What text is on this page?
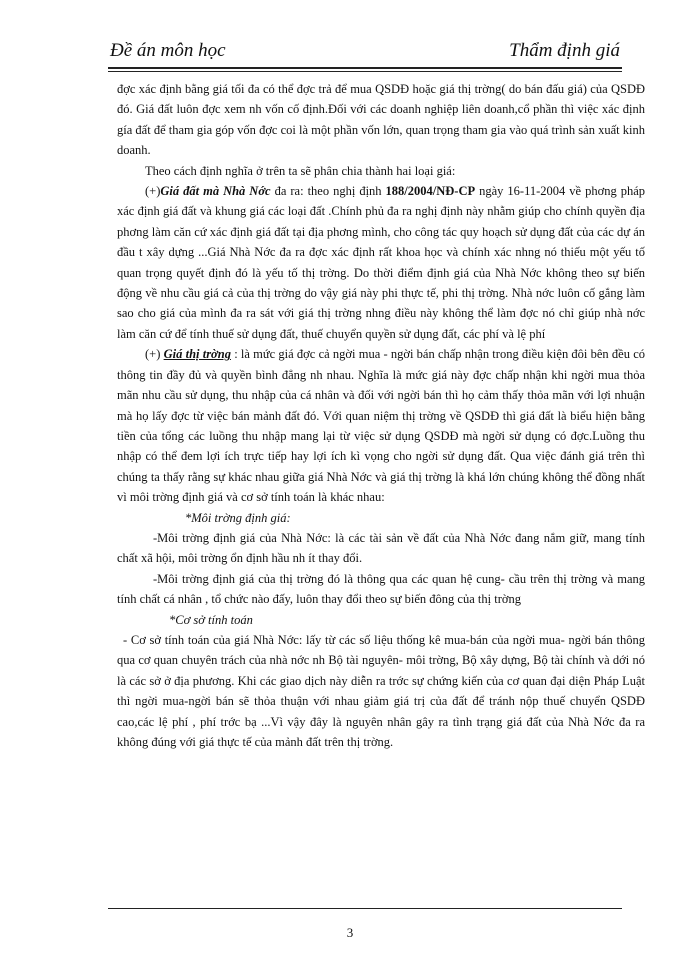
Đề án môn học	Thẩm định giá

đợc xác định bằng giá tối đa có thể đợc trả để mua QSDĐ hoặc giá thị trờng( do bán đấu giá) của QSDĐ đó. Giá đất luôn đợc xem nh vốn cố định.Đối với các doanh nghiệp liên doanh,cổ phần thì việc xác định gía đất để tham gia góp vốn đợc coi là một phần vốn lớn, quan trọng tham gia vào quá trình sản xuất kinh doanh.

Theo cách định nghĩa ở trên ta sẽ phân chia thành hai loại giá:

(+)Giá đất mà Nhà Nớc đa ra: theo nghị định 188/2004/NĐ-CP ngày 16-11-2004 về phơng pháp xác định giá đất và khung giá các loại đất .Chính phủ đa ra nghị định này nhằm giúp cho chính quyền địa phơng làm căn cứ xác định giá đất tại địa phơng mình, cho công tác quy hoạch sử dụng đất của các dự án đầu t xây dựng ...Giá Nhà Nớc đa ra đợc xác định rất khoa học và chính xác nhng nó thiếu một yếu tố quan trọng quyết định đó là yếu tố thị trờng. Do thời điểm định giá của Nhà Nớc không theo sự biến động về nhu cầu giá cả của thị trờng do vậy giá này phi thực tế, phi thị trờng. Nhà nớc luôn cố gắng làm sao cho giá của mình đa ra sát với giá thị trờng nhng điều này không thể làm đợc nó chỉ giúp nhà nớc làm căn cứ để tính thuế sử dụng đất, thuế chuyển quyền sử dụng đất, các phí và lệ phí

(+) Giá thị trờng : là mức giá đợc cả ngời mua - ngời bán chấp nhận trong điều kiện đôi bên đều có thông tin đầy đủ và quyền bình đẳng nh nhau. Nghĩa là mức giá này đợc chấp nhận khi ngời mua thỏa mãn nhu cầu sử dụng, thu nhập của cá nhân và đối với ngời bán thì họ cảm thấy thỏa mãn với lợi nhuận mà họ lấy đợc từ việc bán mảnh đất đó. Với quan niệm thị trờng về QSDĐ thì giá đất là biểu hiện bằng tiền của tổng các luồng thu nhập mang lại từ việc sử dụng QSDĐ mà ngời sử dụng có đợc.Luồng thu nhập có thể đem lợi ích trực tiếp hay lợi ích kì vọng cho ngời sử dụng đất. Qua việc đánh giá trên thì chúng ta thấy rằng sự khác nhau giữa giá Nhà Nớc và giá thị trờng là khá lớn chúng không thể đồng nhất vì môi trờng định giá và cơ sở tính toán là khác nhau:

*Môi trờng định giá:

-Môi trờng định giá của Nhà Nớc: là các tài sản về đất của Nhà Nớc đang nắm giữ, mang tính chất xã hội, môi trờng ổn định hầu nh ít thay đổi.

-Môi trờng định giá của thị trờng đó là thông qua các quan hệ cung- cầu trên thị trờng và mang tính chất cá nhân , tổ chức nào đấy, luôn thay đổi theo sự biến đông của thị trờng

*Cơ sở tính toán

- Cơ sở tính toán của giá Nhà Nớc: lấy từ các số liệu thống kê mua-bán của ngời mua- ngời bán thông qua cơ quan chuyên trách của nhà nớc nh Bộ tài nguyên- môi trờng, Bộ xây dựng, Bộ tài chính và dới nó là các sở ở địa phương. Khi các giao dịch này diễn ra trớc sự chứng kiến của cơ quan đại diện Pháp Luật thì ngời mua-ngời bán sẽ thỏa thuận với nhau giảm giá trị của đất để tránh nộp thuế chuyển QSDĐ cao,các lệ phí , phí trớc bạ ...Vì vậy đây là nguyên nhân gây ra tình trạng giá đất của Nhà Nớc đa ra không đúng với giá thực tế của mảnh đất trên thị trờng.

3
